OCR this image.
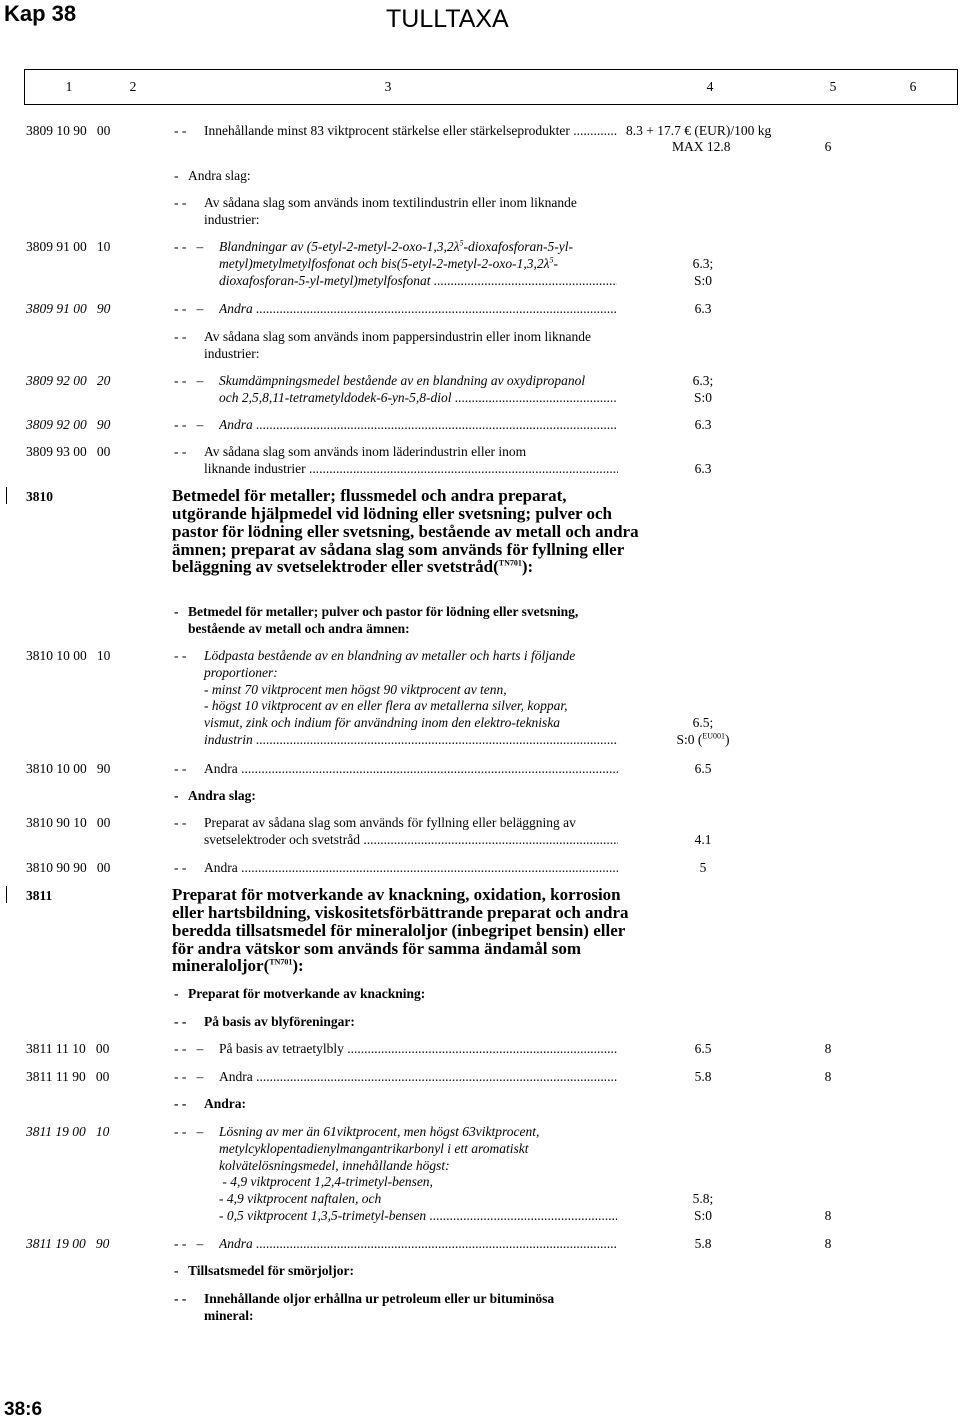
Kap 38	TULLTAXA
1	2	3	4	5	6
3809 10 90   00	- -	Innehållande minst 83 viktprocent stärkelse eller stärkelseprodukter .....	8.3 + 17.7 € (EUR)/100 kg
MAX 12.8	6
- Andra slag:
- -	Av sådana slag som används inom textilindustrin eller inom liknande industrier:
3809 91 00   10	- -   –	Blandningar av ($5-etyl-2-metyl-2-oxo-1,3,2\lambda^5-dioxafosforan-5-yl-$
metyl)metylmetylfosfonat och $bis(5-etyl-2-metyl-2-oxo-1,3,2\lambda^5-$
dioxafosforan-5-yl-metyl)metylfosfonat .....
6.3;
S:0
3809 91 00   90	- -   –	Andra .....	6.3
- -	Av sådana slag som används inom pappersindustrin eller inom liknande industrier:
3809 92 00   20	- -   –	Skumdämpningsmedel bestående av en blandning av oxydipropanol
och 2,5,8,11-tetrametyldodek-6-yn-5,8-diol .....
6.3;
S:0
3809 92 00   90	- -   –	Andra .....	6.3
3809 93 00   00	- -	Av sådana slag som används inom läderindustrin eller inom
liknande industrier .....	6.3
3810	Betmedel för metaller; flussmedel och andra preparat, utgörande hjälpmedel vid lödning eller svetsning; pulver och pastor för lödning eller svetsning, bestående av metall och andra ämnen; preparat av sådana slag som används för fyllning eller beläggning av svetselektroder eller svetstråd($^{TN701}$):
- Betmedel för metaller; pulver och pastor för lödning eller svetsning,
bestående av metall och andra ämnen:
3810 10 00   10	- -	Lödpasta bestående av en blandning av metaller och harts i följande
proportioner:
- minst 70 viktprocent men högst 90 viktprocent av tenn,
- högst 10 viktprocent av en eller flera av metallerna silver, koppar,
vismut, zink och indium för användning inom den elektro-tekniska
industrin .....
6.5;
S:0 ($^{EU001}$)
3810 10 00   90	- -	Andra .....	6.5
- Andra slag:
3810 90 10   00	- -	Preparat av sådana slag som används för fyllning eller beläggning av
svetselektroder och svetstråd .....	4.1
3810 90 90   00	- -	Andra .....	5
3811	Preparat för motverkande av knackning, oxidation, korrosion eller hartsbildning, viskositetsförbättrande preparat och andra beredda tillsatsmedel för mineraloljor (inbegripet bensin) eller för andra vätskor som används för samma ändamål som mineraloljor($^{TN701}$):
- Preparat för motverkande av knackning:
- -	På basis av blyföreningar:
3811 11 10   00	- -   –	På basis av tetraetylbly .....	6.5	8
3811 11 90   00	- -   –	Andra .....	5.8	8
- -	Andra:
3811 19 00   10	- -   –	Lösning av mer än 61viktprocent, men högst 63viktprocent,
metylcyklopentadienylmangantrikarbonyl i ett aromatiskt
kolvätelösningsmedel, innehållande högst:
- 4,9 viktprocent 1,2,4-trimetyl-bensen,
- 4,9 viktprocent naftalen, och
- 0,5 viktprocent 1,3,5-trimetyl-bensen .....
5.8;
S:0	8
3811 19 00   90	- -   –	Andra .....	5.8	8
- Tillsatsmedel för smörjoljor:
- -	Innehållande oljor erhållna ur petroleum eller ur bituminösa
mineral:
38:6
